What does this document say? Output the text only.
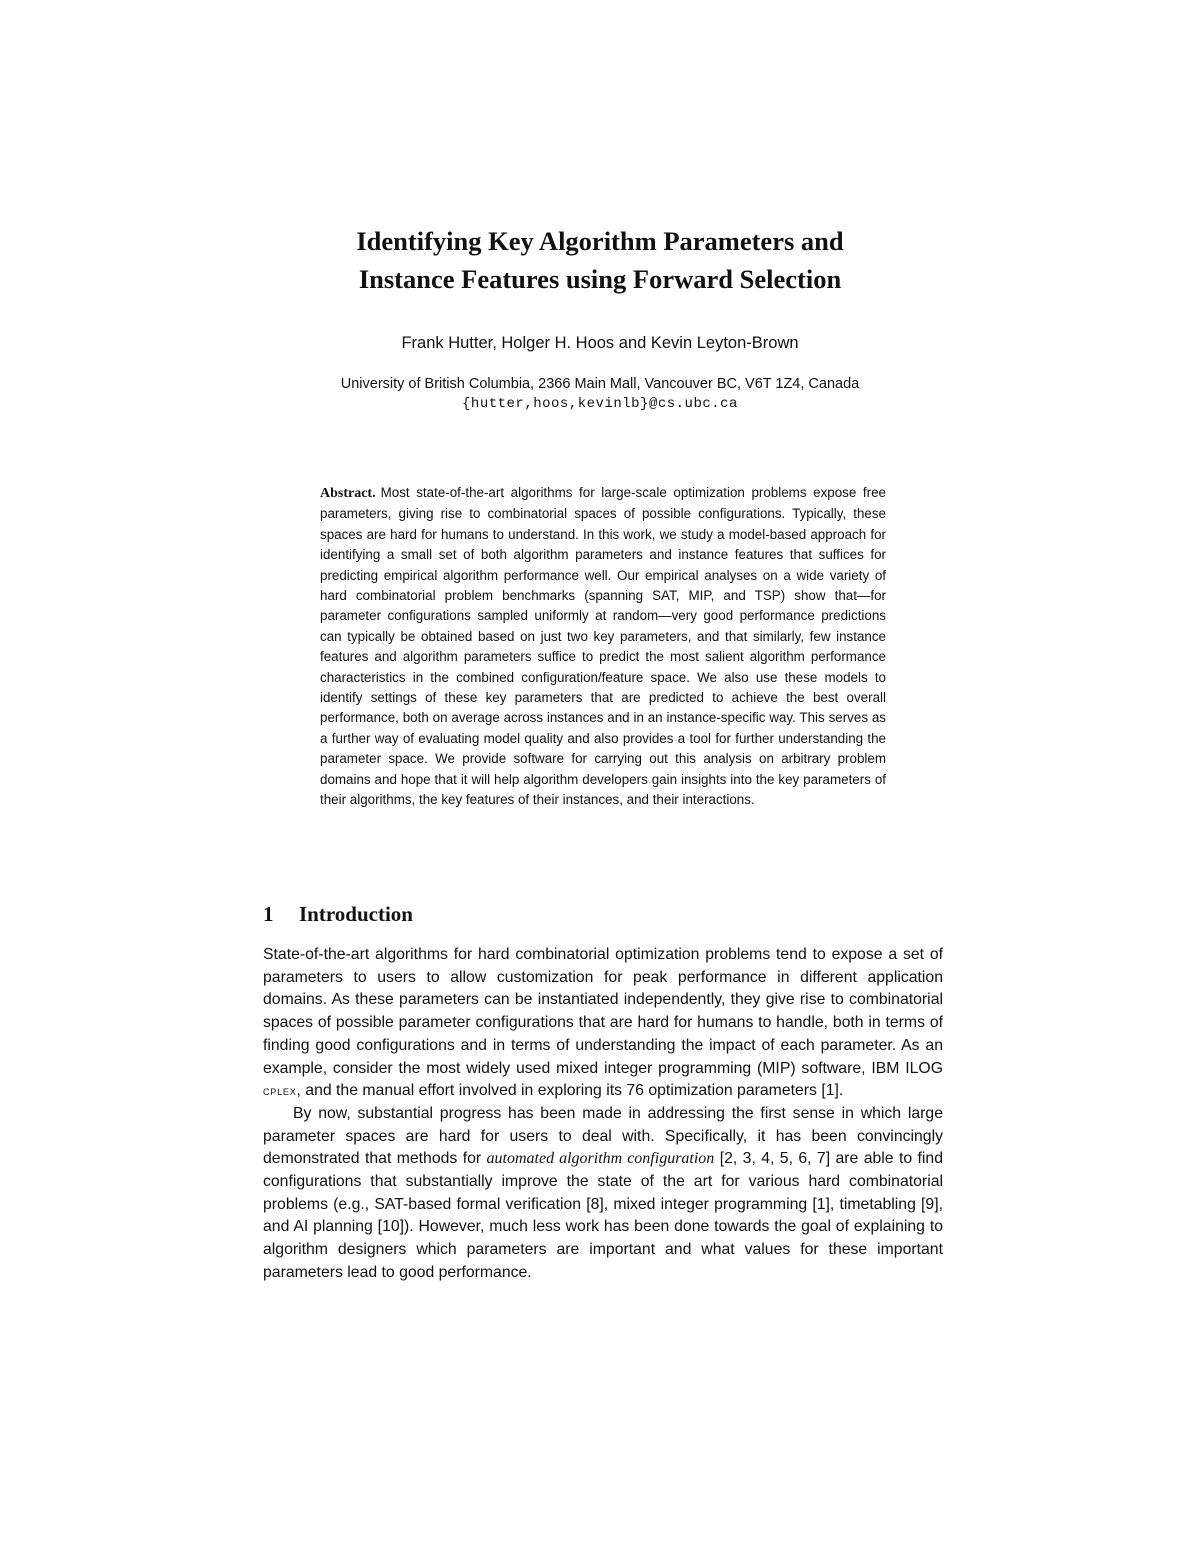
Identifying Key Algorithm Parameters and
Instance Features using Forward Selection
Frank Hutter, Holger H. Hoos and Kevin Leyton-Brown
University of British Columbia, 2366 Main Mall, Vancouver BC, V6T 1Z4, Canada
{hutter,hoos,kevinlb}@cs.ubc.ca

Abstract. Most state-of-the-art algorithms for large-scale optimization problems expose free parameters, giving rise to combinatorial spaces of possible configurations. Typically, these spaces are hard for humans to understand. In this work, we study a model-based approach for identifying a small set of both algorithm parameters and instance features that suffices for predicting empirical algorithm performance well. Our empirical analyses on a wide variety of hard combinatorial problem benchmarks (spanning SAT, MIP, and TSP) show that—for parameter configurations sampled uniformly at random—very good performance predictions can typically be obtained based on just two key parameters, and that similarly, few instance features and algorithm parameters suffice to predict the most salient algorithm performance characteristics in the combined configuration/feature space. We also use these models to identify settings of these key parameters that are predicted to achieve the best overall performance, both on average across instances and in an instance-specific way. This serves as a further way of evaluating model quality and also provides a tool for further understanding the parameter space. We provide software for carrying out this analysis on arbitrary problem domains and hope that it will help algorithm developers gain insights into the key parameters of their algorithms, the key features of their instances, and their interactions.

1 Introduction

State-of-the-art algorithms for hard combinatorial optimization problems tend to expose a set of parameters to users to allow customization for peak performance in different application domains. As these parameters can be instantiated independently, they give rise to combinatorial spaces of possible parameter configurations that are hard for humans to handle, both in terms of finding good configurations and in terms of understanding the impact of each parameter. As an example, consider the most widely used mixed integer programming (MIP) software, IBM ILOG cplex, and the manual effort involved in exploring its 76 optimization parameters [1].

By now, substantial progress has been made in addressing the first sense in which large parameter spaces are hard for users to deal with. Specifically, it has been convincingly demonstrated that methods for automated algorithm configuration [2, 3, 4, 5, 6, 7] are able to find configurations that substantially improve the state of the art for various hard combinatorial problems (e.g., SAT-based formal verification [8], mixed integer programming [1], timetabling [9], and AI planning [10]). However, much less work has been done towards the goal of explaining to algorithm designers which parameters are important and what values for these important parameters lead to good performance.
